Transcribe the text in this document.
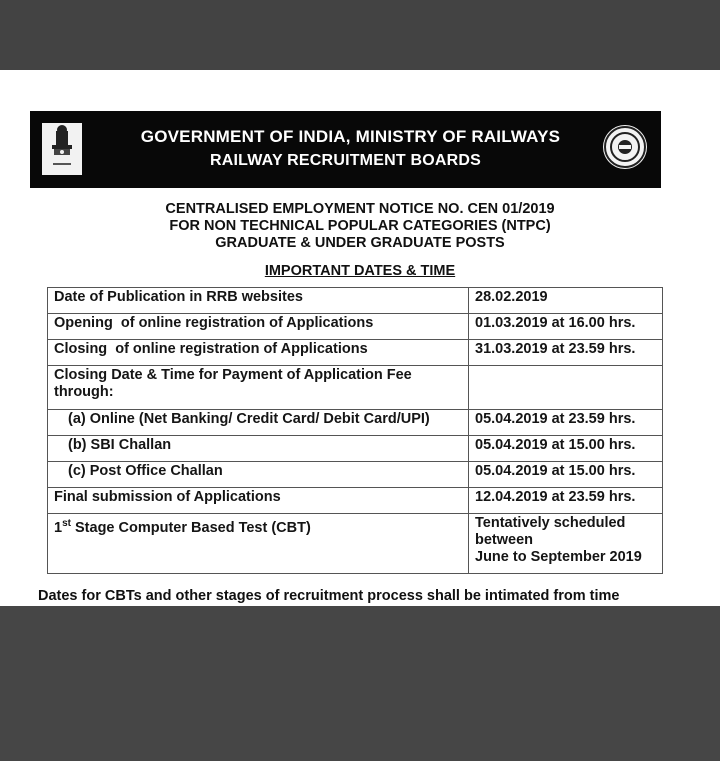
GOVERNMENT OF INDIA, MINISTRY OF RAILWAYS
RAILWAY RECRUITMENT BOARDS
CENTRALISED EMPLOYMENT NOTICE NO. CEN 01/2019
FOR NON TECHNICAL POPULAR CATEGORIES (NTPC)
GRADUATE & UNDER GRADUATE POSTS
IMPORTANT DATES & TIME
Date of Publication in RRB websites	28.02.2019
Opening  of online registration of Applications	01.03.2019 at 16.00 hrs.
Closing  of online registration of Applications	31.03.2019 at 23.59 hrs.
Closing Date & Time for Payment of Application Fee through:	
(a) Online (Net Banking/ Credit Card/ Debit Card/UPI)	05.04.2019 at 23.59 hrs.
(b) SBI Challan	05.04.2019 at 15.00 hrs.
(c) Post Office Challan	05.04.2019 at 15.00 hrs.
Final submission of Applications	12.04.2019 at 23.59 hrs.
1st Stage Computer Based Test (CBT)	Tentatively scheduled
between
June to September 2019
Dates for CBTs and other stages of recruitment process shall be intimated from time
